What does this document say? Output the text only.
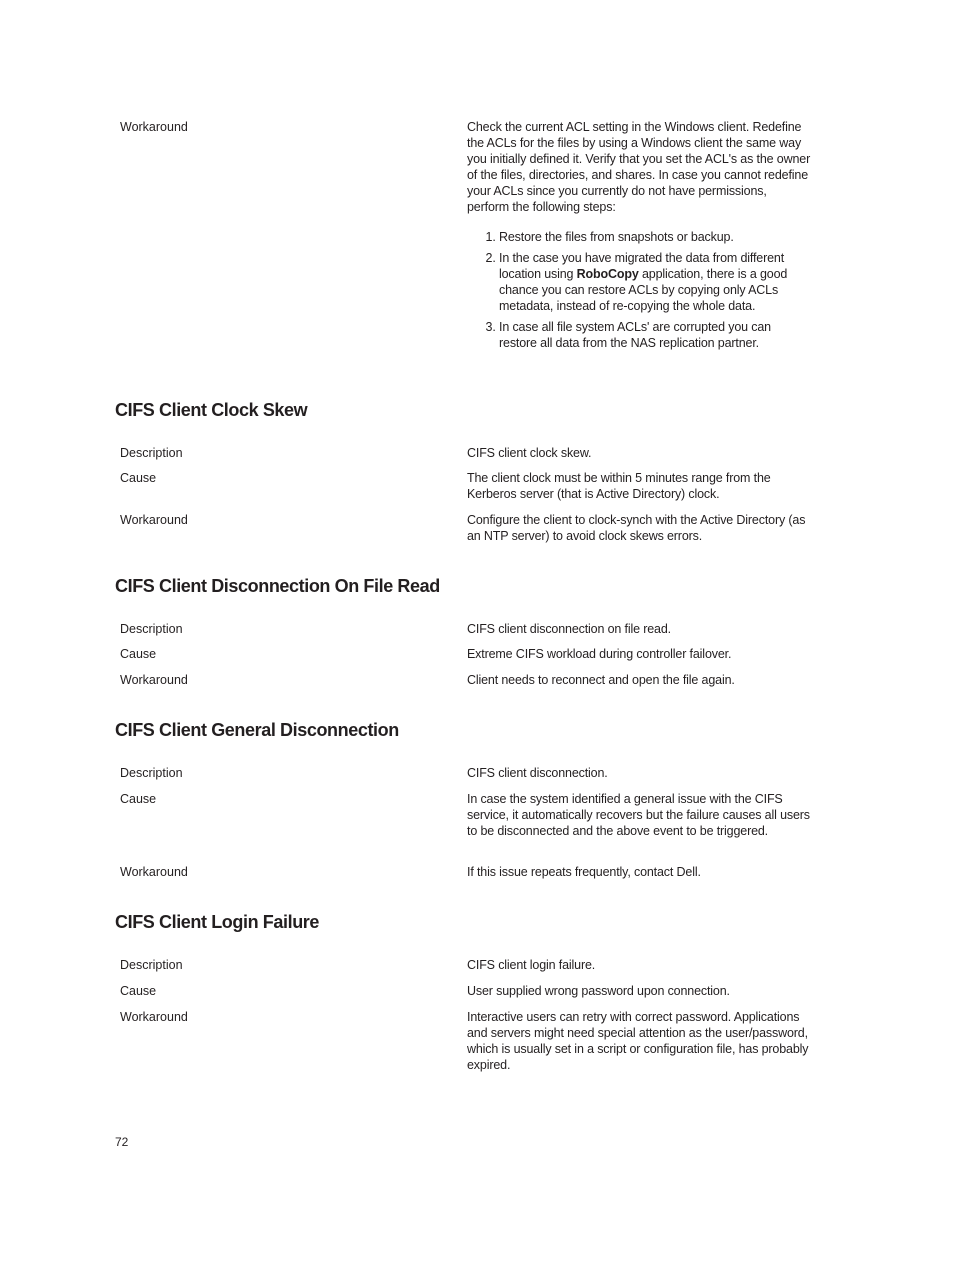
Workaround	Check the current ACL setting in the Windows client. Redefine the ACLs for the files by using a Windows client the same way you initially defined it. Verify that you set the ACL's as the owner of the files, directories, and shares. In case you cannot redefine your ACLs since you currently do not have permissions, perform the following steps:
1. Restore the files from snapshots or backup.
2. In the case you have migrated the data from different location using RoboCopy application, there is a good chance you can restore ACLs by copying only ACLs metadata, instead of re-copying the whole data.
3. In case all file system ACLs' are corrupted you can restore all data from the NAS replication partner.
CIFS Client Clock Skew
Description	CIFS client clock skew.
Cause	The client clock must be within 5 minutes range from the Kerberos server (that is Active Directory) clock.
Workaround	Configure the client to clock-synch with the Active Directory (as an NTP server) to avoid clock skews errors.
CIFS Client Disconnection On File Read
Description	CIFS client disconnection on file read.
Cause	Extreme CIFS workload during controller failover.
Workaround	Client needs to reconnect and open the file again.
CIFS Client General Disconnection
Description	CIFS client disconnection.
Cause	In case the system identified a general issue with the CIFS service, it automatically recovers but the failure causes all users to be disconnected and the above event to be triggered.
Workaround	If this issue repeats frequently, contact Dell.
CIFS Client Login Failure
Description	CIFS client login failure.
Cause	User supplied wrong password upon connection.
Workaround	Interactive users can retry with correct password. Applications and servers might need special attention as the user/password, which is usually set in a script or configuration file, has probably expired.
72
